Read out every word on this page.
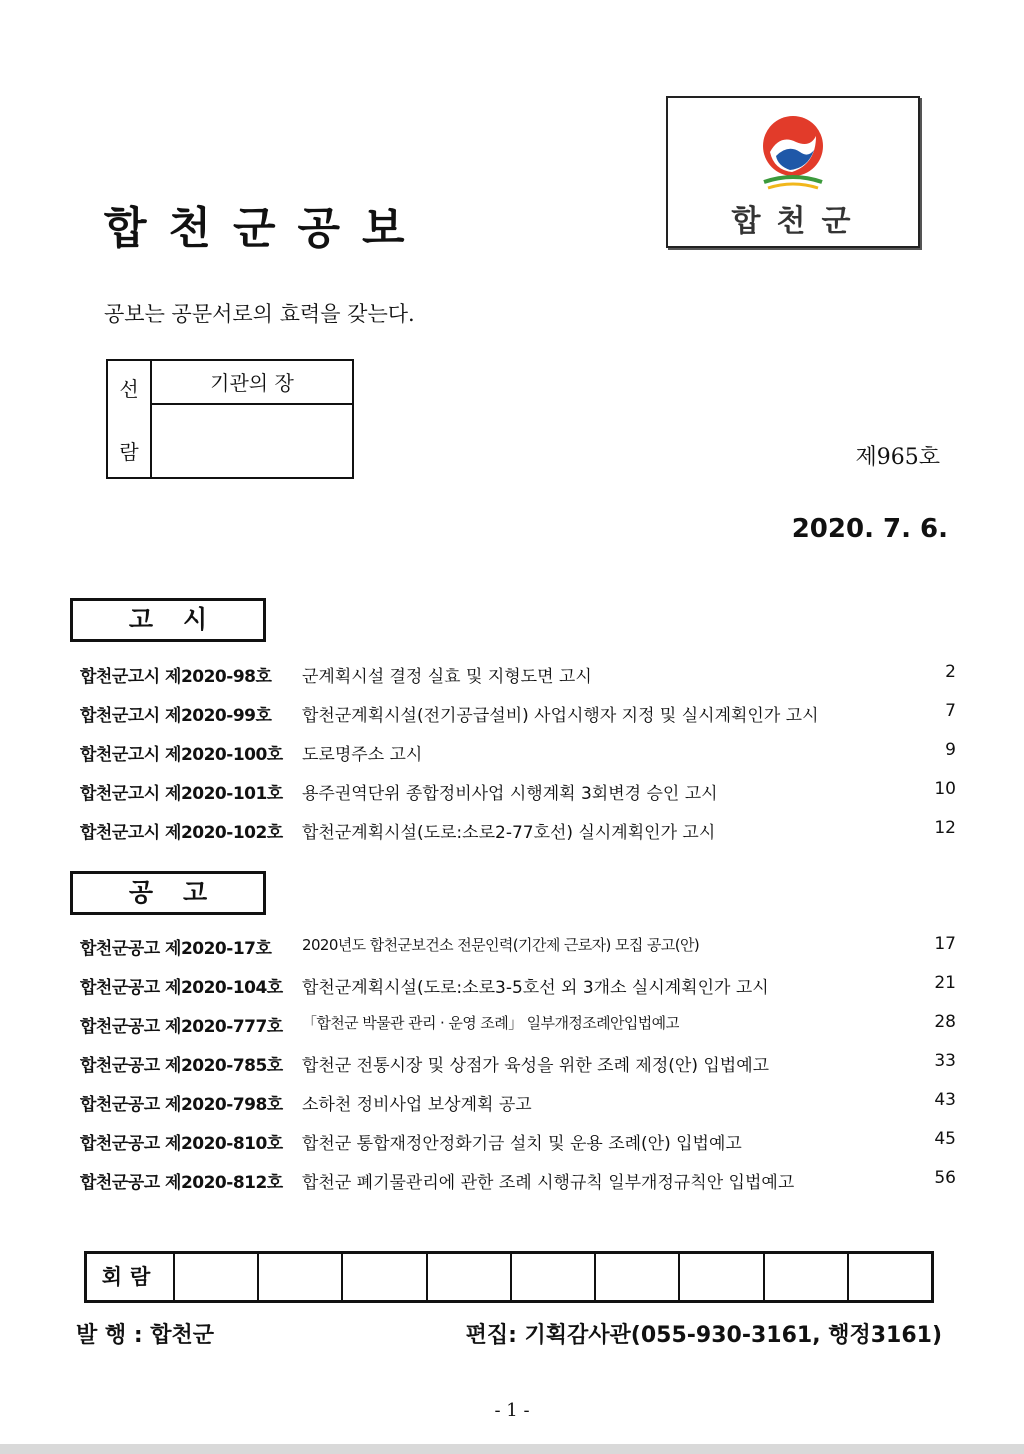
합천군공보	합천군
공보는 공문서로의 효력을 갖는다.
선
람
기관의 장
제965호
2020. 7. 6.
고시
합천군고시 제2020-98호 군계획시설 결정 실효 및 지형도면 고시	2
합천군고시 제2020-99호 합천군계획시설(전기공급설비) 사업시행자 지정 및 실시계획인가 고시	7
합천군고시 제2020-100호 도로명주소 고시	9
합천군고시 제2020-101호 용주권역단위 종합정비사업 시행계획 3회변경 승인 고시	10
합천군고시 제2020-102호 합천군계획시설(도로:소로2-77호선) 실시계획인가 고시	12
공고
합천군공고 제2020-17호 2020년도 합천군보건소 전문인력(기간제 근로자) 모집 공고(안)	17
합천군공고 제2020-104호 합천군계획시설(도로:소로3-5호선 외 3개소 실시계획인가 고시	21
합천군공고 제2020-777호 「합천군 박물관 관리 · 운영 조례」 일부개정조례안입법예고	28
합천군공고 제2020-785호 합천군 전통시장 및 상점가 육성을 위한 조례 제정(안) 입법예고	33
합천군공고 제2020-798호 소하천 정비사업 보상계획 공고	43
합천군공고 제2020-810호 합천군 통합재정안정화기금 설치 및 운용 조례(안) 입법예고	45
합천군공고 제2020-812호 합천군 폐기물관리에 관한 조례 시행규칙 일부개정규칙안 입법예고	56
회람
발 행 : 합천군	편집: 기획감사관(055-930-3161, 행정3161)
- 1 -
